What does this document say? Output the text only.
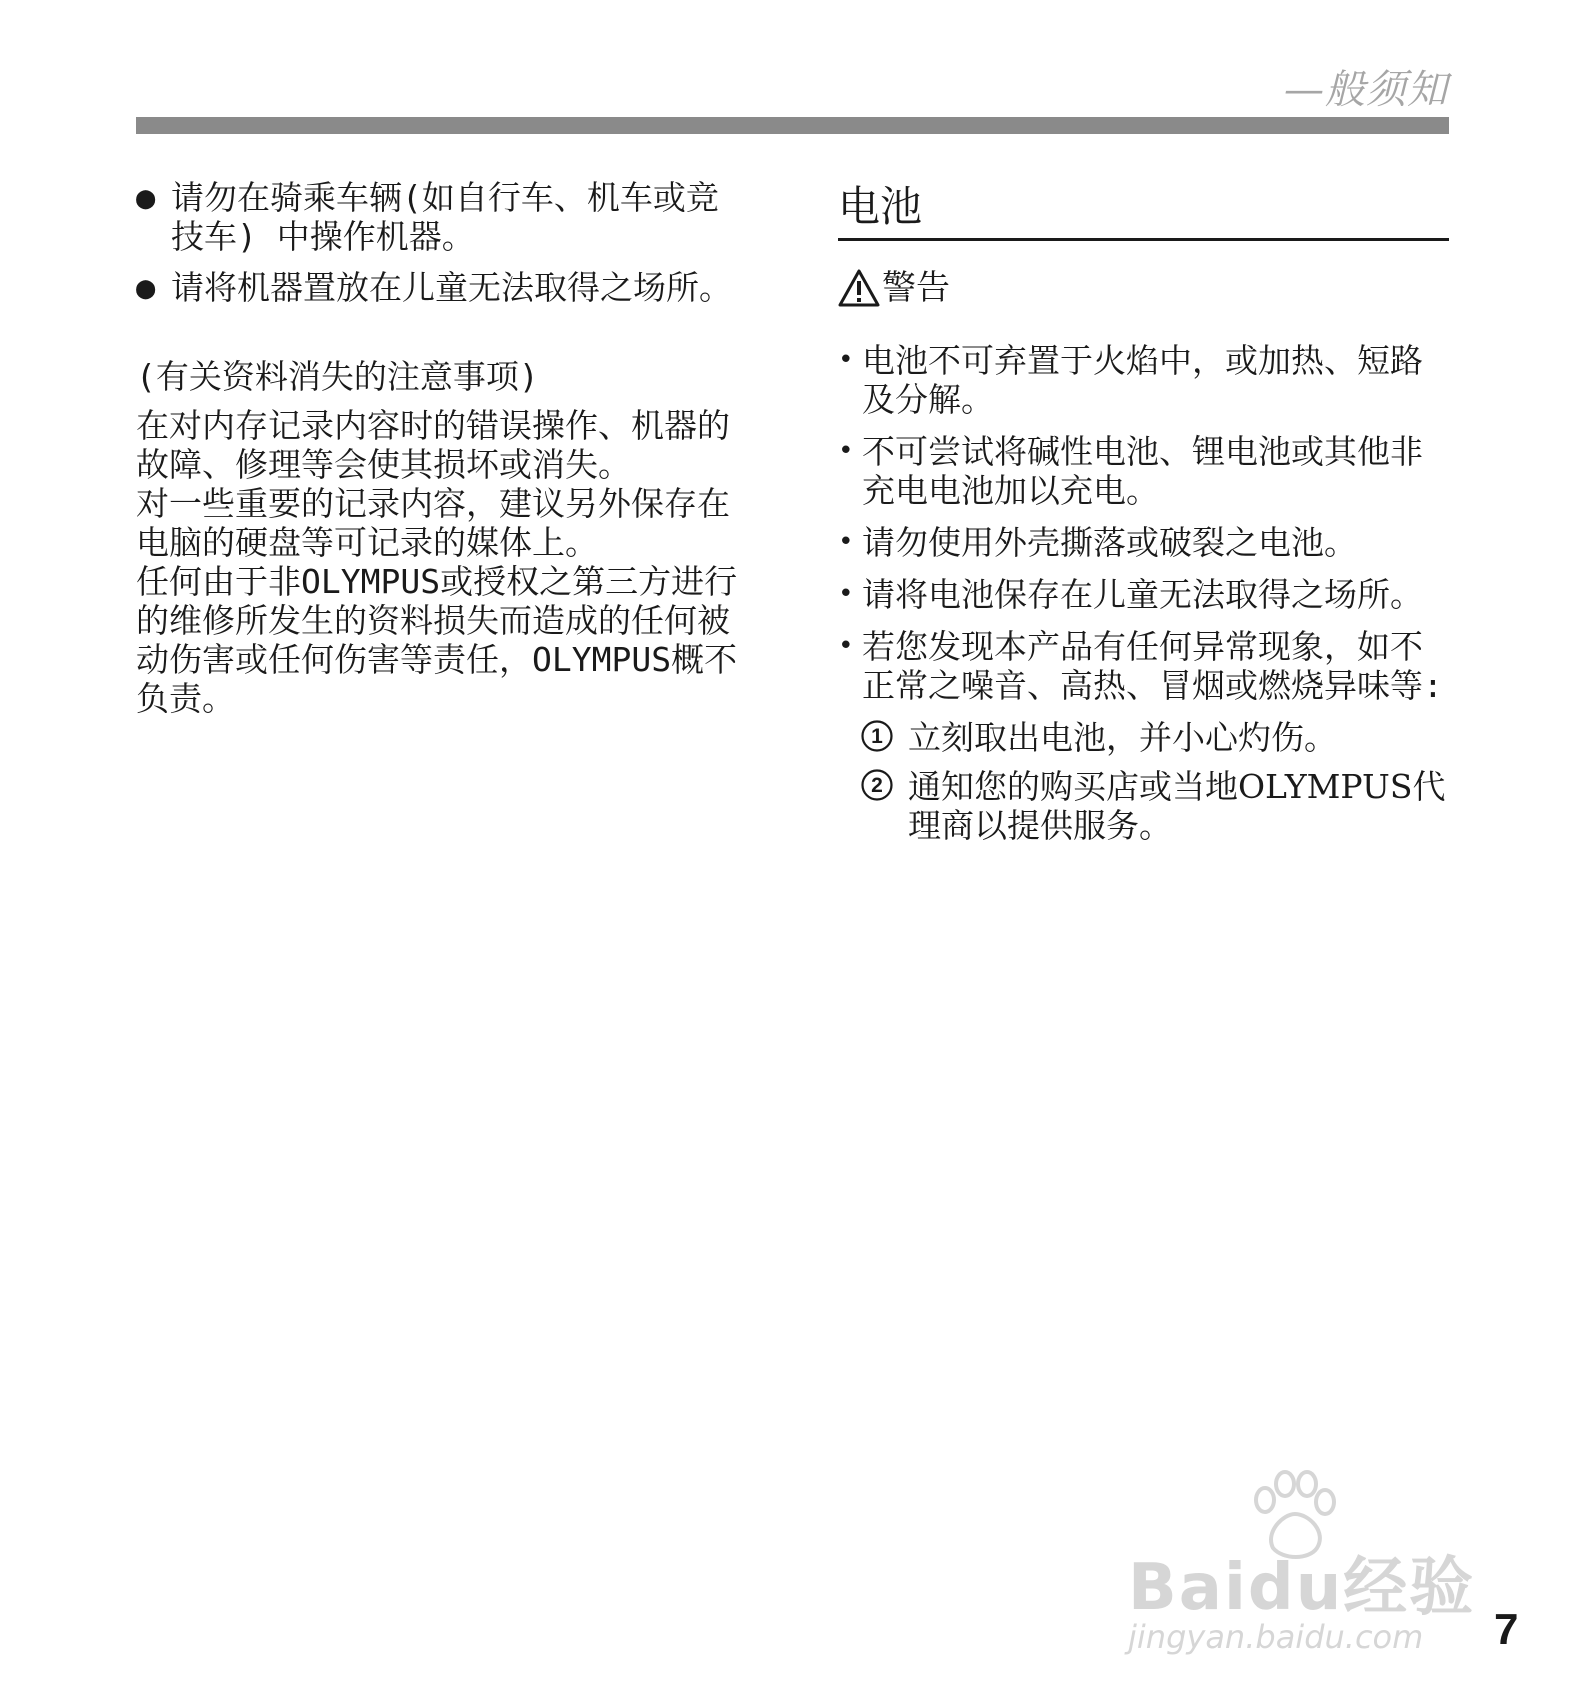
—般须知
● 请勿在骑乘车辆(如自行车、机车或竞技车) 中操作机器。
● 请将机器置放在儿童无法取得之场所。
(有关资料消失的注意事项)
在对内存记录内容时的错误操作、机器的故障、修理等会使其损坏或消失。
对一些重要的记录内容，建议另外保存在电脑的硬盘等可记录的媒体上。
任何由于非OLYMPUS或授权之第三方进行的维修所发生的资料损失而造成的任何被动伤害或任何伤害等责任，OLYMPUS概不负责。
电池
警告
• 电池不可弃置于火焰中，或加热、短路及分解。
• 不可尝试将碱性电池、锂电池或其他非充电电池加以充电。
• 请勿使用外壳撕落或破裂之电池。
• 请将电池保存在儿童无法取得之场所。
• 若您发现本产品有任何异常现象，如不正常之噪音、高热、冒烟或燃烧异味等:
1 立刻取出电池，并小心灼伤。
2 通知您的购买店或当地OLYMPUS代理商以提供服务。
Baidu经验
jingyan.baidu.com 7
